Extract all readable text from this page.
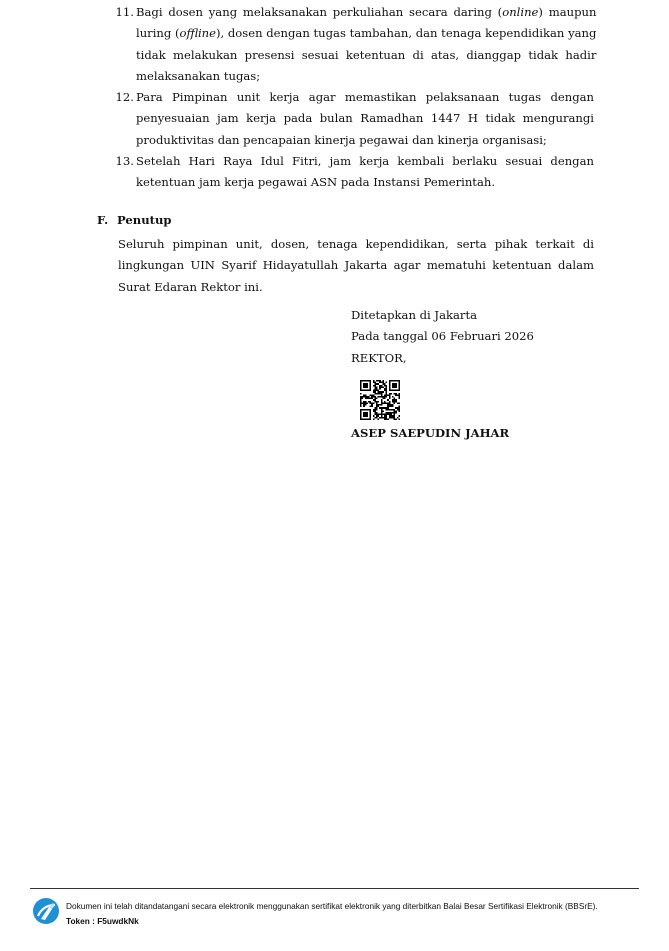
11. Bagi dosen yang melaksanakan perkuliahan secara daring (online) maupun
luring (offline), dosen dengan tugas tambahan, dan tenaga kependidikan yang
tidak melakukan presensi sesuai ketentuan di atas, dianggap tidak hadir
melaksanakan tugas;
12. Para Pimpinan unit kerja agar memastikan pelaksanaan tugas dengan
penyesuaian jam kerja pada bulan Ramadhan 1447 H tidak mengurangi
produktivitas dan pencapaian kinerja pegawai dan kinerja organisasi;
13. Setelah Hari Raya Idul Fitri, jam kerja kembali berlaku sesuai dengan
ketentuan jam kerja pegawai ASN pada Instansi Pemerintah.
F. Penutup
Seluruh pimpinan unit, dosen, tenaga kependidikan, serta pihak terkait di
lingkungan UIN Syarif Hidayatullah Jakarta agar mematuhi ketentuan dalam
Surat Edaran Rektor ini.
Ditetapkan di Jakarta
Pada tanggal 06 Februari 2026
REKTOR,
ASEP SAEPUDIN JAHAR
Dokumen ini telah ditandatangani secara elektronik menggunakan sertifikat elektronik yang diterbitkan Balai Besar Sertifikasi Elektronik (BBSrE).
Token : F5uwdkNk
